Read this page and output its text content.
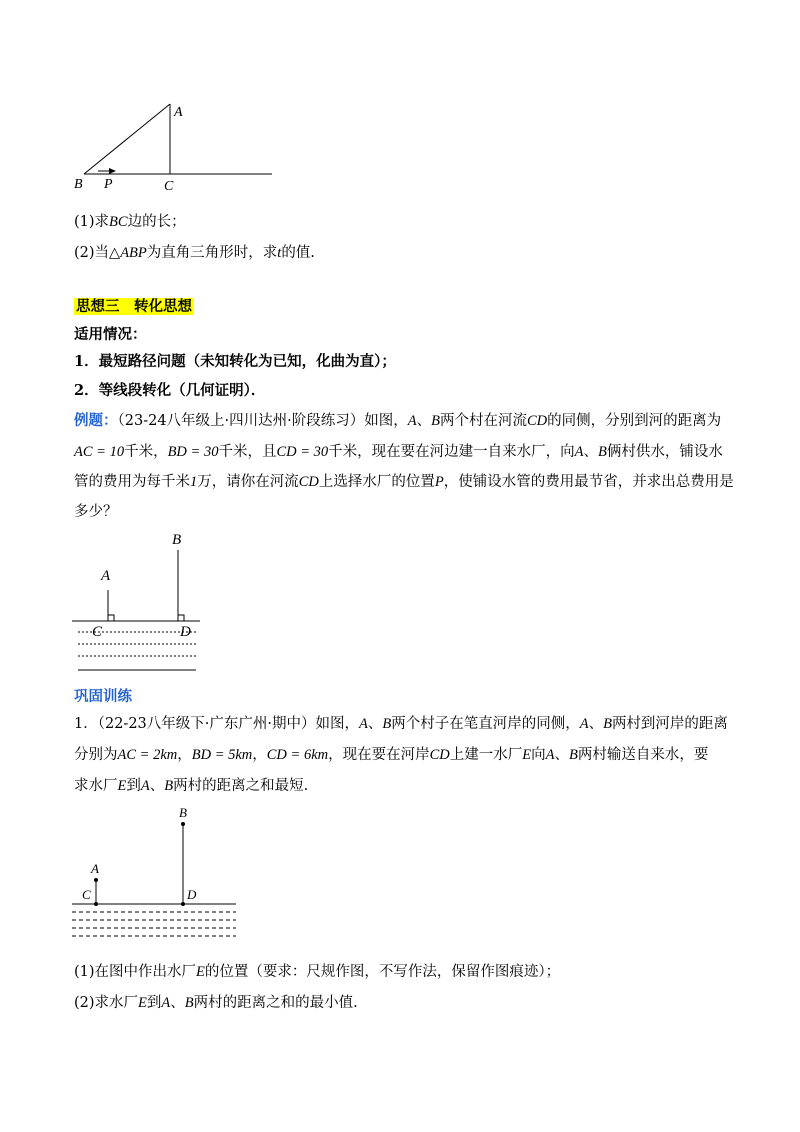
A
B P	C
(1)求BC边的长；
(2)当△ABP为直角三角形时，求t的值.
思想三　转化思想
适用情况：
1．最短路径问题（未知转化为已知，化曲为直）；
2．等线段转化（几何证明）．
例题：（23-24八年级上·四川达州·阶段练习）如图，A、B两个村在河流CD的同侧，分别到河的距离为
AC = 10千米，BD = 30千米，且CD = 30千米，现在要在河边建一自来水厂，向A、B俩村供水，铺设水
管的费用为每千米1万，请你在河流CD上选择水厂的位置P，使铺设水管的费用最节省，并求出总费用是
多少？
A
B
C	D
巩固训练
1．（22-23八年级下·广东广州·期中）如图，A、B两个村子在笔直河岸的同侧，A、B两村到河岸的距离
分别为AC = 2km，BD = 5km，CD = 6km，现在要在河岸CD上建一水厂E向A、B两村输送自来水，要
求水厂E到A、B两村的距离之和最短.
A
B
C	D
(1)在图中作出水厂E的位置（要求：尺规作图，不写作法，保留作图痕迹）；
(2)求水厂E到A、B两村的距离之和的最小值.
